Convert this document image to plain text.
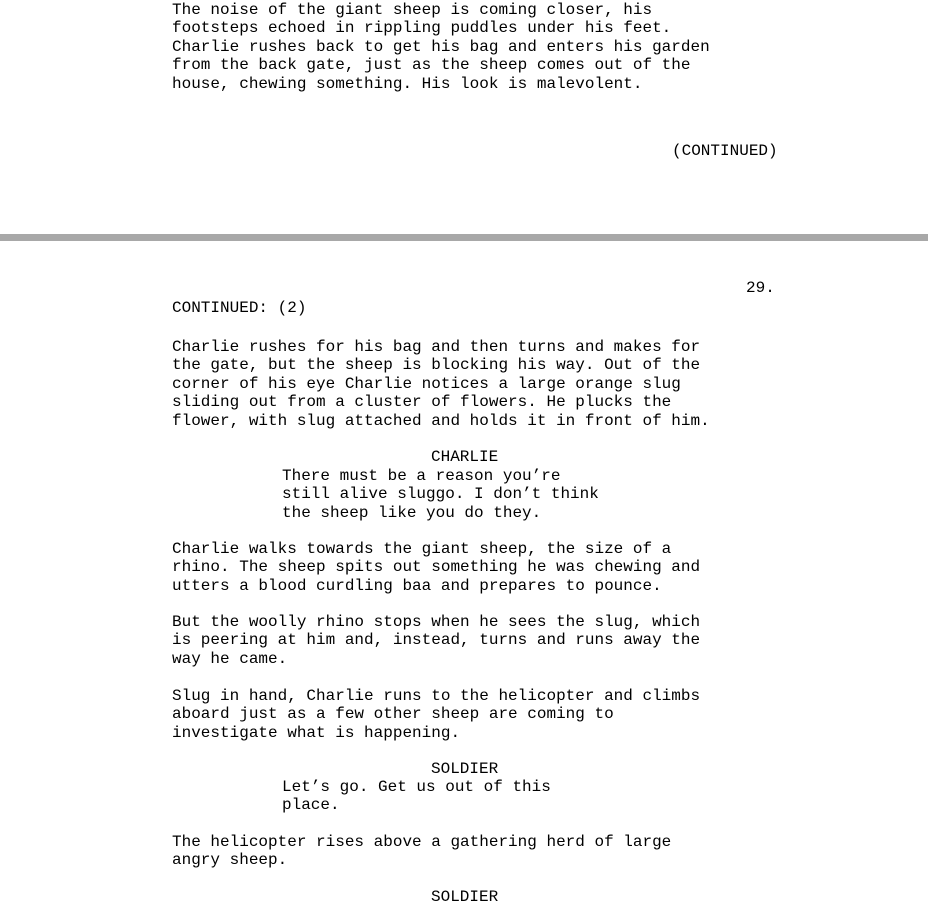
The noise of the giant sheep is coming closer, his
footsteps echoed in rippling puddles under his feet.
Charlie rushes back to get his bag and enters his garden
from the back gate, just as the sheep comes out of the
house, chewing something. His look is malevolent.

(CONTINUED)

29.

CONTINUED: (2)

Charlie rushes for his bag and then turns and makes for
the gate, but the sheep is blocking his way. Out of the
corner of his eye Charlie notices a large orange slug
sliding out from a cluster of flowers. He plucks the
flower, with slug attached and holds it in front of him.

CHARLIE

There must be a reason you’re
still alive sluggo. I don’t think
the sheep like you do they.

Charlie walks towards the giant sheep, the size of a
rhino. The sheep spits out something he was chewing and
utters a blood curdling baa and prepares to pounce.

But the woolly rhino stops when he sees the slug, which
is peering at him and, instead, turns and runs away the
way he came.

Slug in hand, Charlie runs to the helicopter and climbs
aboard just as a few other sheep are coming to
investigate what is happening.

SOLDIER

Let’s go. Get us out of this
place.

The helicopter rises above a gathering herd of large
angry sheep.

SOLDIER
